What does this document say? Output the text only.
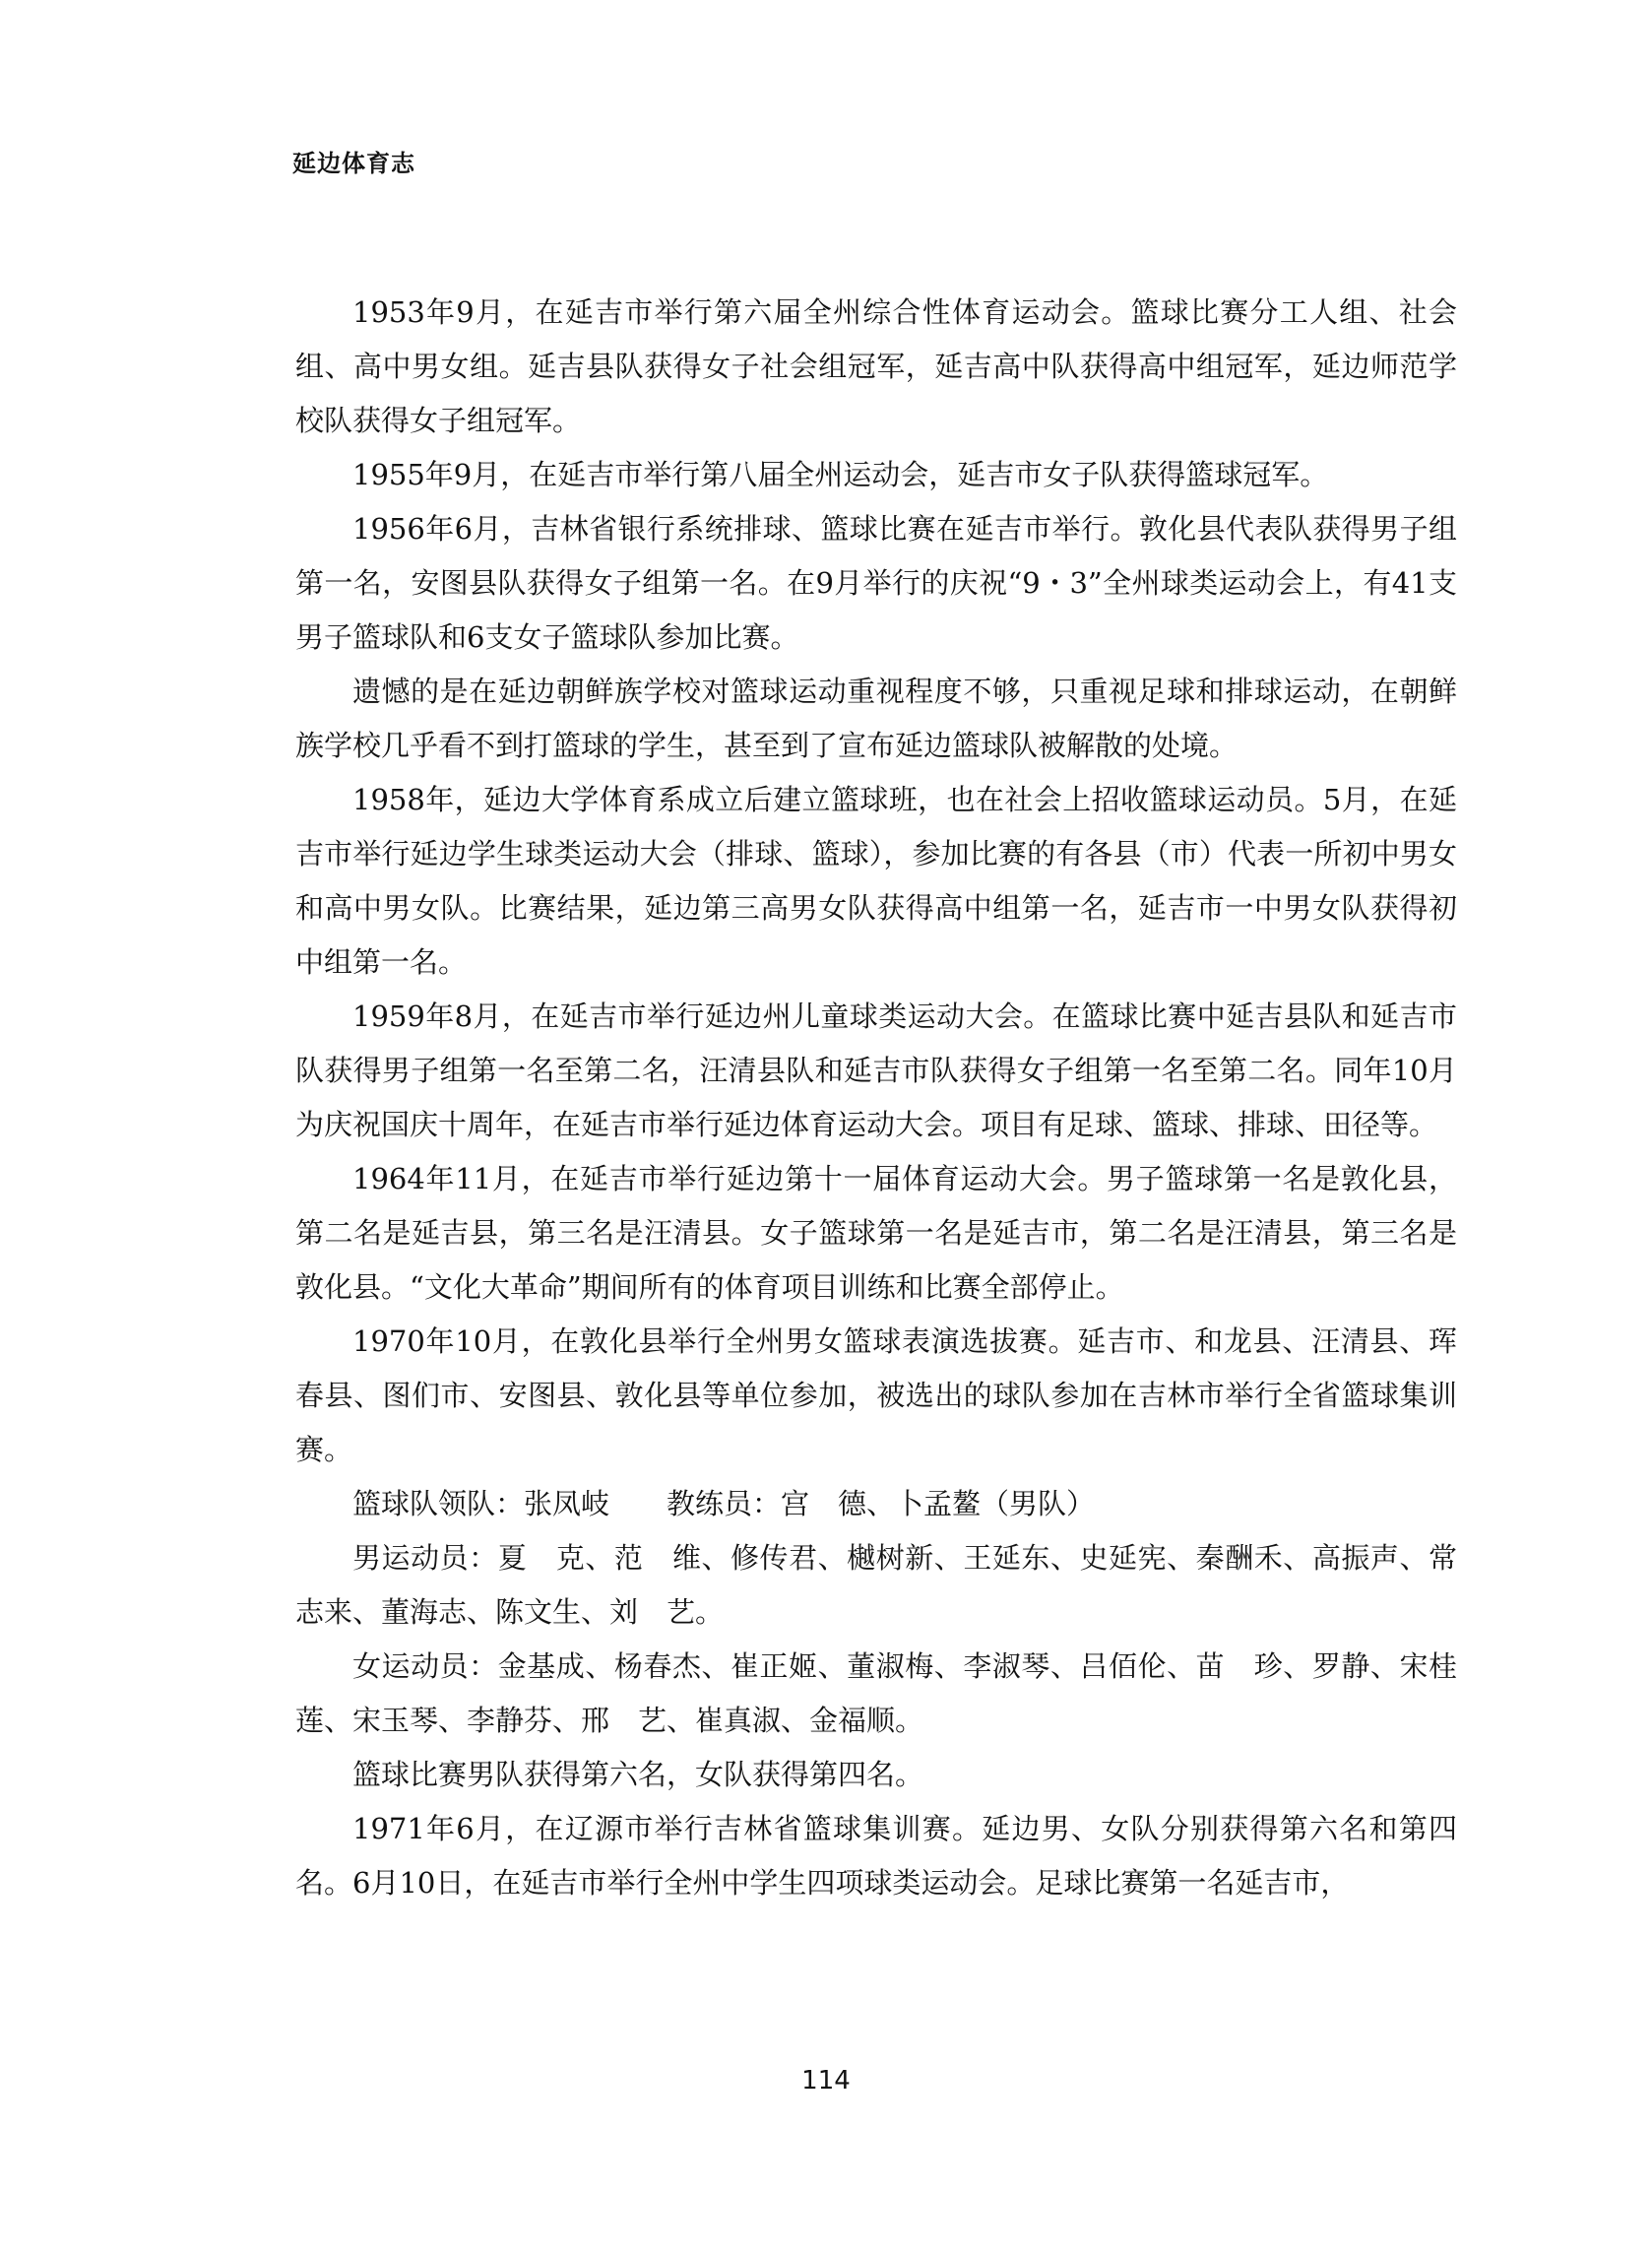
延边体育志

1953年9月，在延吉市举行第六届全州综合性体育运动会。篮球比赛分工人组、社会组、高中男女组。延吉县队获得女子社会组冠军，延吉高中队获得高中组冠军，延边师范学校队获得女子组冠军。

1955年9月，在延吉市举行第八届全州运动会，延吉市女子队获得篮球冠军。

1956年6月，吉林省银行系统排球、篮球比赛在延吉市举行。敦化县代表队获得男子组第一名，安图县队获得女子组第一名。在9月举行的庆祝“9・3”全州球类运动会上，有41支男子篮球队和6支女子篮球队参加比赛。

遗憾的是在延边朝鲜族学校对篮球运动重视程度不够，只重视足球和排球运动，在朝鲜族学校几乎看不到打篮球的学生，甚至到了宣布延边篮球队被解散的处境。

1958年，延边大学体育系成立后建立篮球班，也在社会上招收篮球运动员。5月，在延吉市举行延边学生球类运动大会（排球、篮球），参加比赛的有各县（市）代表一所初中男女和高中男女队。比赛结果，延边第三高男女队获得高中组第一名，延吉市一中男女队获得初中组第一名。

1959年8月，在延吉市举行延边州儿童球类运动大会。在篮球比赛中延吉县队和延吉市队获得男子组第一名至第二名，汪清县队和延吉市队获得女子组第一名至第二名。同年10月为庆祝国庆十周年，在延吉市举行延边体育运动大会。项目有足球、篮球、排球、田径等。

1964年11月，在延吉市举行延边第十一届体育运动大会。男子篮球第一名是敦化县，第二名是延吉县，第三名是汪清县。女子篮球第一名是延吉市，第二名是汪清县，第三名是敦化县。“文化大革命”期间所有的体育项目训练和比赛全部停止。

1970年10月，在敦化县举行全州男女篮球表演选拔赛。延吉市、和龙县、汪清县、珲春县、图们市、安图县、敦化县等单位参加，被选出的球队参加在吉林市举行全省篮球集训赛。

篮球队领队：张凤岐　　教练员：宫　德、卜孟鳌（男队）

男运动员：夏　克、范　维、修传君、樾树新、王延东、史延宪、秦酬禾、高振声、常志来、董海志、陈文生、刘　艺。

女运动员：金基成、杨春杰、崔正姬、董淑梅、李淑琴、吕佰伦、苗　珍、罗静、宋桂莲、宋玉琴、李静芬、邢　艺、崔真淑、金福顺。

篮球比赛男队获得第六名，女队获得第四名。

1971年6月，在辽源市举行吉林省篮球集训赛。延边男、女队分别获得第六名和第四名。6月10日，在延吉市举行全州中学生四项球类运动会。足球比赛第一名延吉市，

114
